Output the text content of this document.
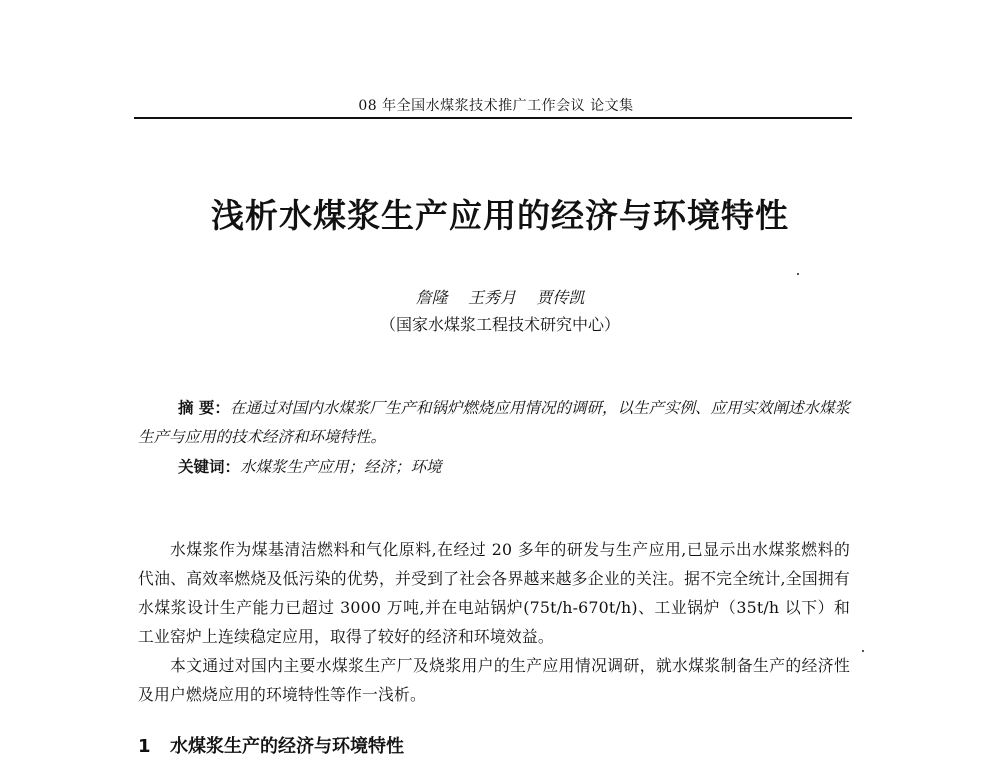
08 年全国水煤浆技术推广工作会议 论文集
浅析水煤浆生产应用的经济与环境特性
詹隆    王秀月    贾传凯
（国家水煤浆工程技术研究中心）
摘 要：在通过对国内水煤浆厂生产和锅炉燃烧应用情况的调研，以生产实例、应用实效阐述水煤浆生产与应用的技术经济和环境特性。
关键词：水煤浆生产应用；经济；环境
水煤浆作为煤基清洁燃料和气化原料,在经过 20 多年的研发与生产应用,已显示出水煤浆燃料的代油、高效率燃烧及低污染的优势，并受到了社会各界越来越多企业的关注。据不完全统计,全国拥有水煤浆设计生产能力已超过 3000 万吨,并在电站锅炉(75t/h-670t/h)、工业锅炉（35t/h 以下）和工业窑炉上连续稳定应用，取得了较好的经济和环境效益。
本文通过对国内主要水煤浆生产厂及烧浆用户的生产应用情况调研，就水煤浆制备生产的经济性及用户燃烧应用的环境特性等作一浅析。
1 水煤浆生产的经济与环境特性
